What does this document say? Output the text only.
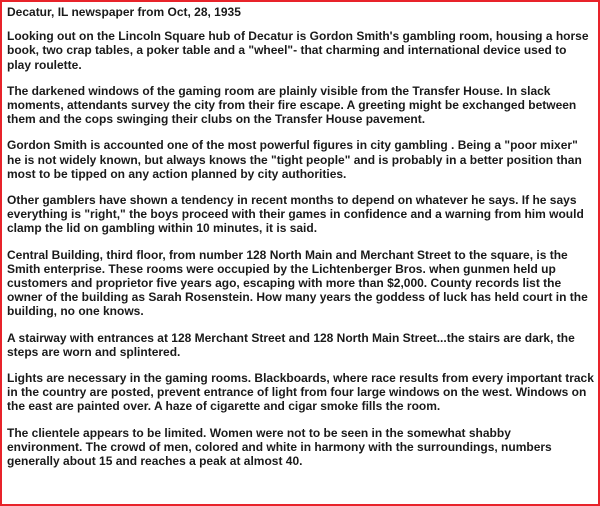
Decatur, IL newspaper from Oct, 28, 1935
Looking out on the Lincoln Square hub of Decatur is Gordon Smith's gambling room, housing a horse
book, two crap tables, a poker table and a "wheel"- that charming and international device used to
play roulette.
The darkened windows of the gaming room are plainly visible from the Transfer House. In slack
moments, attendants survey the city from their fire escape. A greeting might be exchanged between
them and the cops swinging their clubs on the Transfer House pavement.
Gordon Smith is accounted one of the most powerful figures in city gambling . Being a "poor mixer"
he is not widely known, but always knows the "tight people" and is probably in a better position than
most to be tipped on any action planned by city authorities.
Other gamblers have shown a tendency in recent months to depend on whatever he says. If he says
everything is "right," the boys proceed with their games in confidence and a warning from him would
clamp the lid on gambling within 10 minutes, it is said.
Central Building, third floor, from number 128 North Main and Merchant Street to the square, is the
Smith enterprise. These rooms were occupied by the Lichtenberger Bros. when gunmen held up
customers and proprietor five years ago, escaping with more than $2,000. County records list the
owner of the building as Sarah Rosenstein. How many years the goddess of luck has held court in the
building, no one knows.
A stairway with entrances at 128 Merchant Street and 128 North Main Street...the stairs are dark, the
steps are worn and splintered.
Lights are necessary in the gaming rooms. Blackboards, where race results from every important track
in the country are posted, prevent entrance of light from four large windows on the west. Windows on
the east are painted over. A haze of cigarette and cigar smoke fills the room.
The clientele appears to be limited. Women were not to be seen in the somewhat shabby
environment. The crowd of men, colored and white in harmony with the surroundings, numbers
generally about 15 and reaches a peak at almost 40.
